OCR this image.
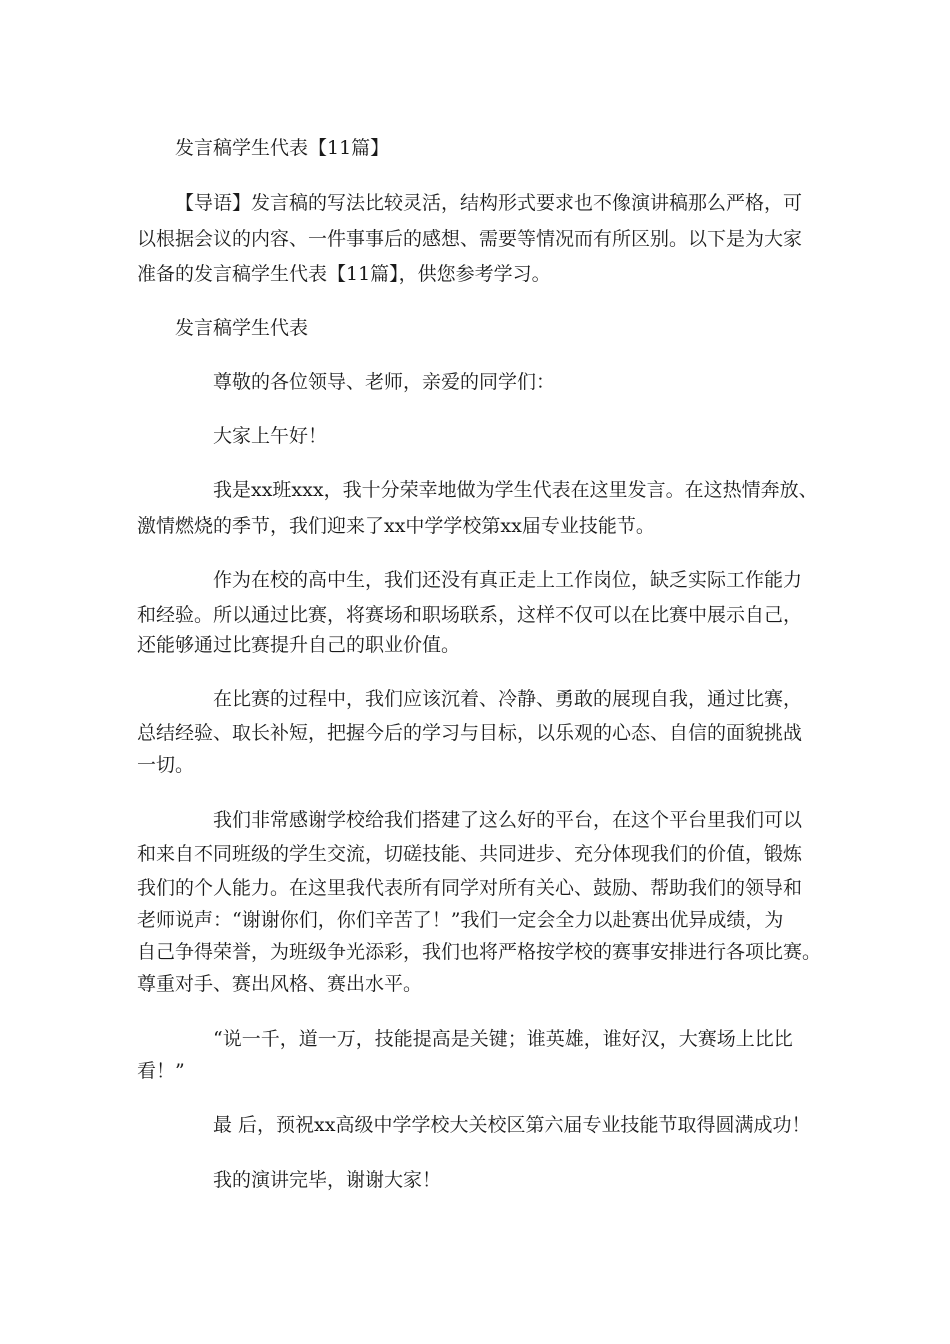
发言稿学生代表【11篇】
【导语】发言稿的写法比较灵活，结构形式要求也不像演讲稿那么严格，可
以根据会议的内容、一件事事后的感想、需要等情况而有所区别。以下是为大家
准备的发言稿学生代表【11篇】，供您参考学习。
发言稿学生代表
尊敬的各位领导、老师，亲爱的同学们：
大家上午好！
我是xx班xxx，我十分荣幸地做为学生代表在这里发言。在这热情奔放、
激情燃烧的季节，我们迎来了xx中学学校第xx届专业技能节。
作为在校的高中生，我们还没有真正走上工作岗位，缺乏实际工作能力
和经验。所以通过比赛，将赛场和职场联系，这样不仅可以在比赛中展示自己，
还能够通过比赛提升自己的职业价值。
在比赛的过程中，我们应该沉着、冷静、勇敢的展现自我，通过比赛，
总结经验、取长补短，把握今后的学习与目标，以乐观的心态、自信的面貌挑战
一切。
我们非常感谢学校给我们搭建了这么好的平台，在这个平台里我们可以
和来自不同班级的学生交流，切磋技能、共同进步、充分体现我们的价值，锻炼
我们的个人能力。在这里我代表所有同学对所有关心、鼓励、帮助我们的领导和
老师说声：“谢谢你们，你们辛苦了！”我们一定会全力以赴赛出优异成绩，为
自己争得荣誉，为班级争光添彩，我们也将严格按学校的赛事安排进行各项比赛。
尊重对手、赛出风格、赛出水平。
“说一千，道一万，技能提高是关键；谁英雄，谁好汉，大赛场上比比
看！”
最 后，预祝xx高级中学学校大关校区第六届专业技能节取得圆满成功！
我的演讲完毕，谢谢大家！
